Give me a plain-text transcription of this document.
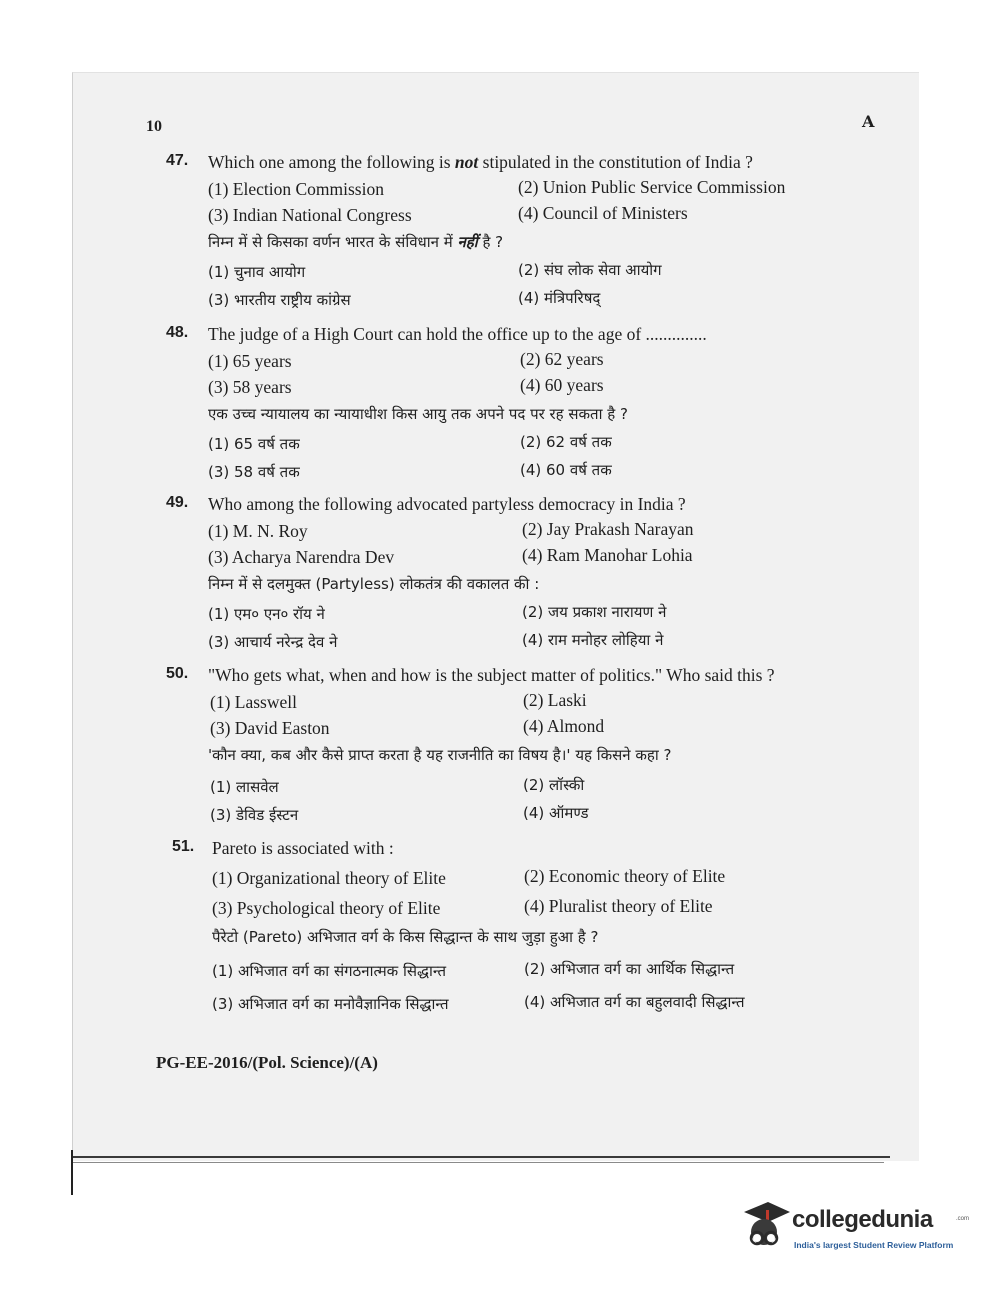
10	A
47. Which one among the following is not stipulated in the constitution of India ?
(1) Election Commission	(2) Union Public Service Commission
(3) Indian National Congress	(4) Council of Ministers
निम्न में से किसका वर्णन भारत के संविधान में नहीं है ?
(1) चुनाव आयोग	(2) संघ लोक सेवा आयोग
(3) भारतीय राष्ट्रीय कांग्रेस	(4) मंत्रिपरिषद्
48. The judge of a High Court can hold the office up to the age of ..............
(1) 65 years	(2) 62 years
(3) 58 years	(4) 60 years
एक उच्च न्यायालय का न्यायाधीश किस आयु तक अपने पद पर रह सकता है ?
(1) 65 वर्ष तक	(2) 62 वर्ष तक
(3) 58 वर्ष तक	(4) 60 वर्ष तक
49. Who among the following advocated partyless democracy in India ?
(1) M. N. Roy	(2) Jay Prakash Narayan
(3) Acharya Narendra Dev	(4) Ram Manohar Lohia
निम्न में से दलमुक्त (Partyless) लोकतंत्र की वकालत की :
(1) एम० एन० रॉय ने	(2) जय प्रकाश नारायण ने
(3) आचार्य नरेन्द्र देव ने	(4) राम मनोहर लोहिया ने
50. "Who gets what, when and how is the subject matter of politics." Who said this ?
(1) Lasswell	(2) Laski
(3) David Easton	(4) Almond
'कौन क्या, कब और कैसे प्राप्त करता है यह राजनीति का विषय है।' यह किसने कहा ?
(1) लासवेल	(2) लॉस्की
(3) डेविड ईस्टन	(4) ऑमण्ड
51. Pareto is associated with :
(1) Organizational theory of Elite	(2) Economic theory of Elite
(3) Psychological theory of Elite	(4) Pluralist theory of Elite
पैरेटो (Pareto) अभिजात वर्ग के किस सिद्धान्त के साथ जुड़ा हुआ है ?
(1) अभिजात वर्ग का संगठनात्मक सिद्धान्त	(2) अभिजात वर्ग का आर्थिक सिद्धान्त
(3) अभिजात वर्ग का मनोवैज्ञानिक सिद्धान्त	(4) अभिजात वर्ग का बहुलवादी सिद्धान्त
PG-EE-2016/(Pol. Science)/(A)
collegedunia	.com
India's largest Student Review Platform
